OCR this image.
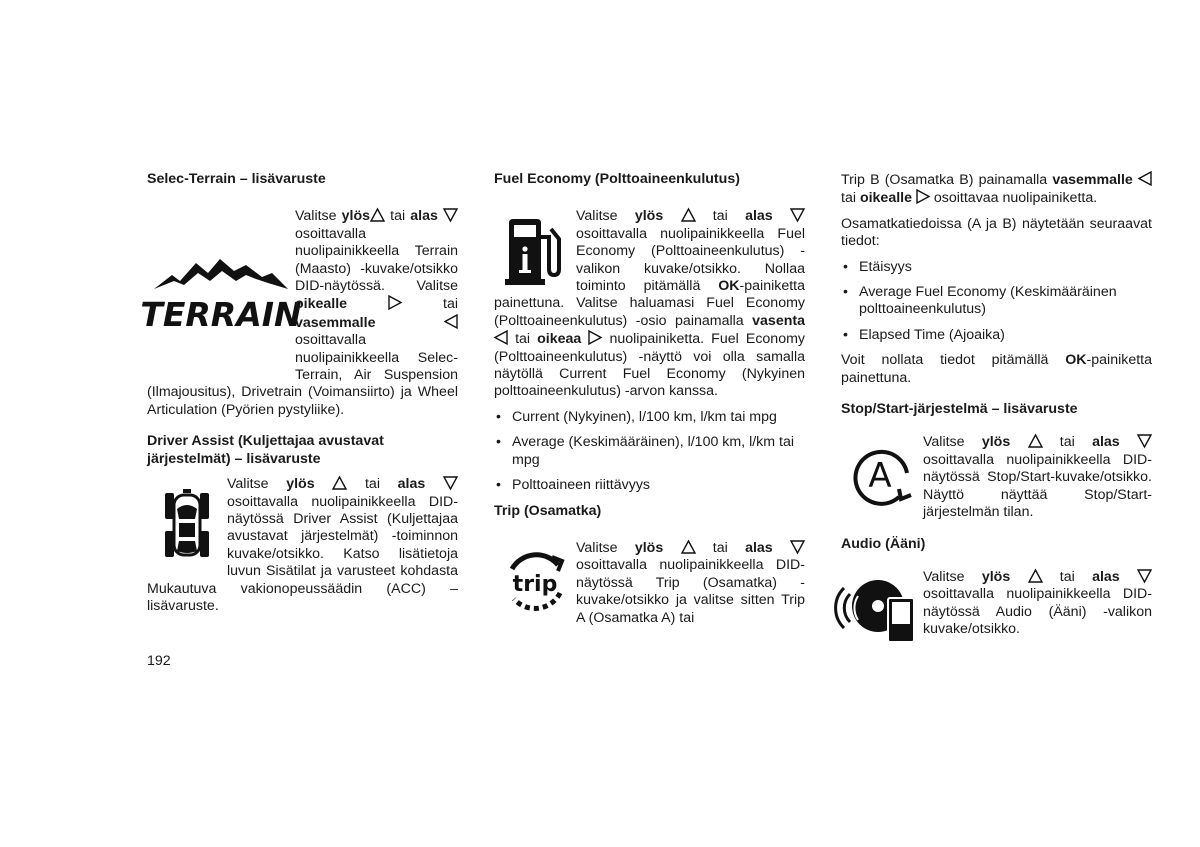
Selec-Terrain – lisävaruste

TERRAIN

Valitse ylös tai alas  osoittavalla nuolipainikkeella Terrain (Maasto) -kuvake/otsikko DID-näytössä. Valitse oikealle	tai vasemmalle  osoittavalla nuolipainikkeella Selec-Terrain, Air Suspension (Ilmajousitus), Drivetrain (Voimansiirto) ja Wheel Articulation (Pyörien pystyliike).

Driver Assist (Kuljettajaa avustavat järjestelmät) – lisävaruste

Valitse ylös  tai alas  osoittavalla nuolipainikkeella DID-näytössä Driver Assist (Kuljettajaa avustavat järjestelmät) -toiminnon kuvake/otsikko. Katso lisätietoja luvun Sisätilat ja varusteet kohdasta Mukautuva vakionopeussäädin (ACC) – lisävaruste.

Fuel Economy (Polttoaineenkulutus)

Valitse ylös  tai alas  osoittavalla nuolipainikkeella Fuel Economy (Polttoaineenkulutus) -valikon kuvake/otsikko. Nollaa toiminto pitämällä OK-painiketta painettuna. Valitse haluamasi Fuel Economy (Polttoaineenkulutus) -osio painamalla vasenta  tai oikeaa  nuolipainiketta. Fuel Economy (Polttoaineenkulutus) -näyttö voi olla samalla näytöllä Current Fuel Economy (Nykyinen polttoaineenkulutus) -arvon kanssa.

• Current (Nykyinen), l/100 km, l/km tai mpg
• Average (Keskimääräinen), l/100 km, l/km tai mpg
• Polttoaineen riittävyys

Trip (Osamatka)

trip

Valitse ylös  tai alas  osoittavalla nuolipainikkeella DID-näytössä Trip (Osamatka) -kuvake/otsikko ja valitse sitten Trip A (Osamatka A) tai

Trip B (Osamatka B) painamalla vasemmalle  tai oikealle  osoittavaa nuolipainiketta.

Osamatkatiedoissa (A ja B) näytetään seuraavat tiedot:

• Etäisyys
• Average Fuel Economy (Keskimääräinen polttoaineenkulutus)
• Elapsed Time (Ajoaika)

Voit nollata tiedot pitämällä OK-painiketta painettuna.

Stop/Start-järjestelmä – lisävaruste

A

Valitse ylös  tai alas  osoittavalla nuolipainikkeella DID-näytössä Stop/Start-kuvake/otsikko. Näyttö näyttää Stop/Start-järjestelmän tilan.

Audio (Ääni)

Valitse ylös  tai alas  osoittavalla nuolipainikkeella DID-näytössä Audio (Ääni) -valikon kuvake/otsikko.

192
